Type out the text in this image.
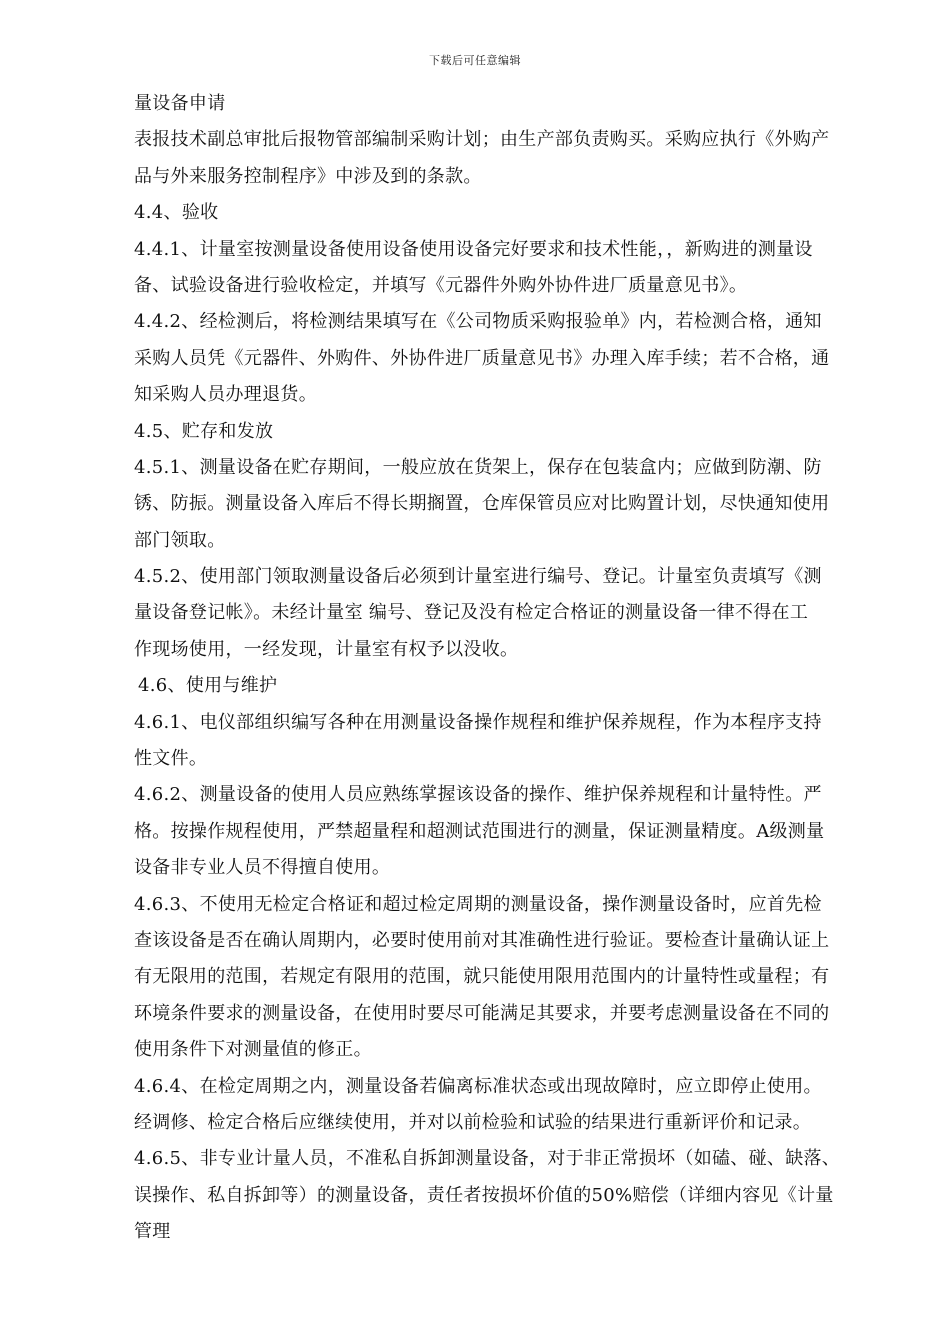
下载后可任意编辑
量设备申请
表报技术副总审批后报物管部编制采购计划；由生产部负责购买。采购应执行《外购产
品与外来服务控制程序》中涉及到的条款。
4.4、验收
4.4.1、计量室按测量设备使用设备使用设备完好要求和技术性能，，新购进的测量设
备、试验设备进行验收检定，并填写《元器件外购外协件进厂质量意见书》。
4.4.2、经检测后，将检测结果填写在《公司物质采购报验单》内，若检测合格，通知
采购人员凭《元器件、外购件、外协件进厂质量意见书》办理入库手续；若不合格，通
知采购人员办理退货。
4.5、贮存和发放
4.5.1、测量设备在贮存期间，一般应放在货架上，保存在包装盒内；应做到防潮、防
锈、防振。测量设备入库后不得长期搁置，仓库保管员应对比购置计划，尽快通知使用
部门领取。
4.5.2、使用部门领取测量设备后必须到计量室进行编号、登记。计量室负责填写《测
量设备登记帐》。未经计量室 编号、登记及没有检定合格证的测量设备一律不得在工
作现场使用，一经发现，计量室有权予以没收。
4.6、使用与维护
4.6.1、电仪部组织编写各种在用测量设备操作规程和维护保养规程，作为本程序支持
性文件。
4.6.2、测量设备的使用人员应熟练掌握该设备的操作、维护保养规程和计量特性。严
格。按操作规程使用，严禁超量程和超测试范围进行的测量，保证测量精度。A级测量
设备非专业人员不得擅自使用。
4.6.3、不使用无检定合格证和超过检定周期的测量设备，操作测量设备时，应首先检
查该设备是否在确认周期内，必要时使用前对其准确性进行验证。要检查计量确认证上
有无限用的范围，若规定有限用的范围，就只能使用限用范围内的计量特性或量程；有
环境条件要求的测量设备，在使用时要尽可能满足其要求，并要考虑测量设备在不同的
使用条件下对测量值的修正。
4.6.4、在检定周期之内，测量设备若偏离标准状态或出现故障时，应立即停止使用。
经调修、检定合格后应继续使用，并对以前检验和试验的结果进行重新评价和记录。
4.6.5、非专业计量人员，不准私自拆卸测量设备，对于非正常损坏（如磕、碰、缺落、
误操作、私自拆卸等）的测量设备，责任者按损坏价值的50%赔偿（详细内容见《计量
管理
